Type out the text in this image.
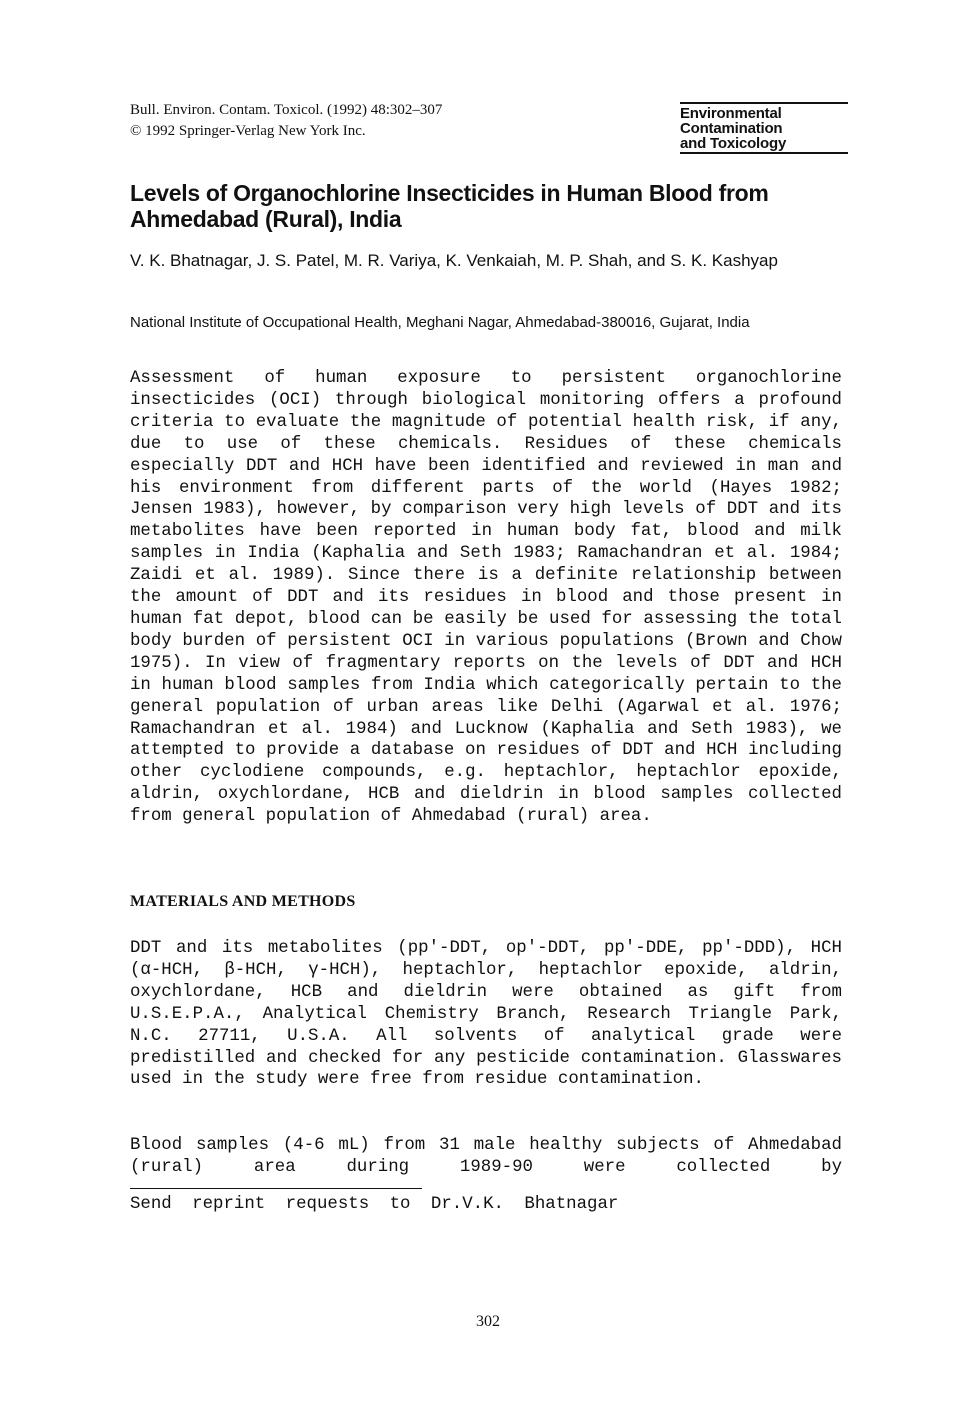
Bull. Environ. Contam. Toxicol. (1992) 48:302–307
© 1992 Springer-Verlag New York Inc.
Environmental
Contamination
and Toxicology
Levels of Organochlorine Insecticides in Human Blood from Ahmedabad (Rural), India
V. K. Bhatnagar, J. S. Patel, M. R. Variya, K. Venkaiah, M. P. Shah, and S. K. Kashyap
National Institute of Occupational Health, Meghani Nagar, Ahmedabad-380016, Gujarat, India

Assessment of human exposure to persistent organochlorine insecticides (OCI) through biological monitoring offers a profound criteria to evaluate the magnitude of potential health risk, if any, due to use of these chemicals. Residues of these chemicals especially DDT and HCH have been identified and reviewed in man and his environment from different parts of the world (Hayes 1982; Jensen 1983), however, by comparison very high levels of DDT and its metabolites have been reported in human body fat, blood and milk samples in India (Kaphalia and Seth 1983; Ramachandran et al. 1984; Zaidi et al. 1989). Since there is a definite relationship between the amount of DDT and its residues in blood and those present in human fat depot, blood can be easily be used for assessing the total body burden of persistent OCI in various populations (Brown and Chow 1975). In view of fragmentary reports on the levels of DDT and HCH in human blood samples from India which categorically pertain to the general population of urban areas like Delhi (Agarwal et al. 1976; Ramachandran et al. 1984) and Lucknow (Kaphalia and Seth 1983), we attempted to provide a database on residues of DDT and HCH including other cyclodiene compounds, e.g. heptachlor, heptachlor epoxide, aldrin, oxychlordane, HCB and dieldrin in blood samples collected from general population of Ahmedabad (rural) area.

MATERIALS AND METHODS

DDT and its metabolites (pp'-DDT, op'-DDT, pp'-DDE, pp'-DDD), HCH (α-HCH, β-HCH, γ-HCH), heptachlor, heptachlor epoxide, aldrin, oxychlordane, HCB and dieldrin were obtained as gift from U.S.E.P.A., Analytical Chemistry Branch, Research Triangle Park, N.C. 27711, U.S.A. All solvents of analytical grade were predistilled and checked for any pesticide contamination. Glasswares used in the study were free from residue contamination.

Blood samples (4-6 mL) from 31 male healthy subjects of Ahmedabad (rural) area during 1989-90 were collected by

Send reprint requests to Dr.V.K. Bhatnagar
302
